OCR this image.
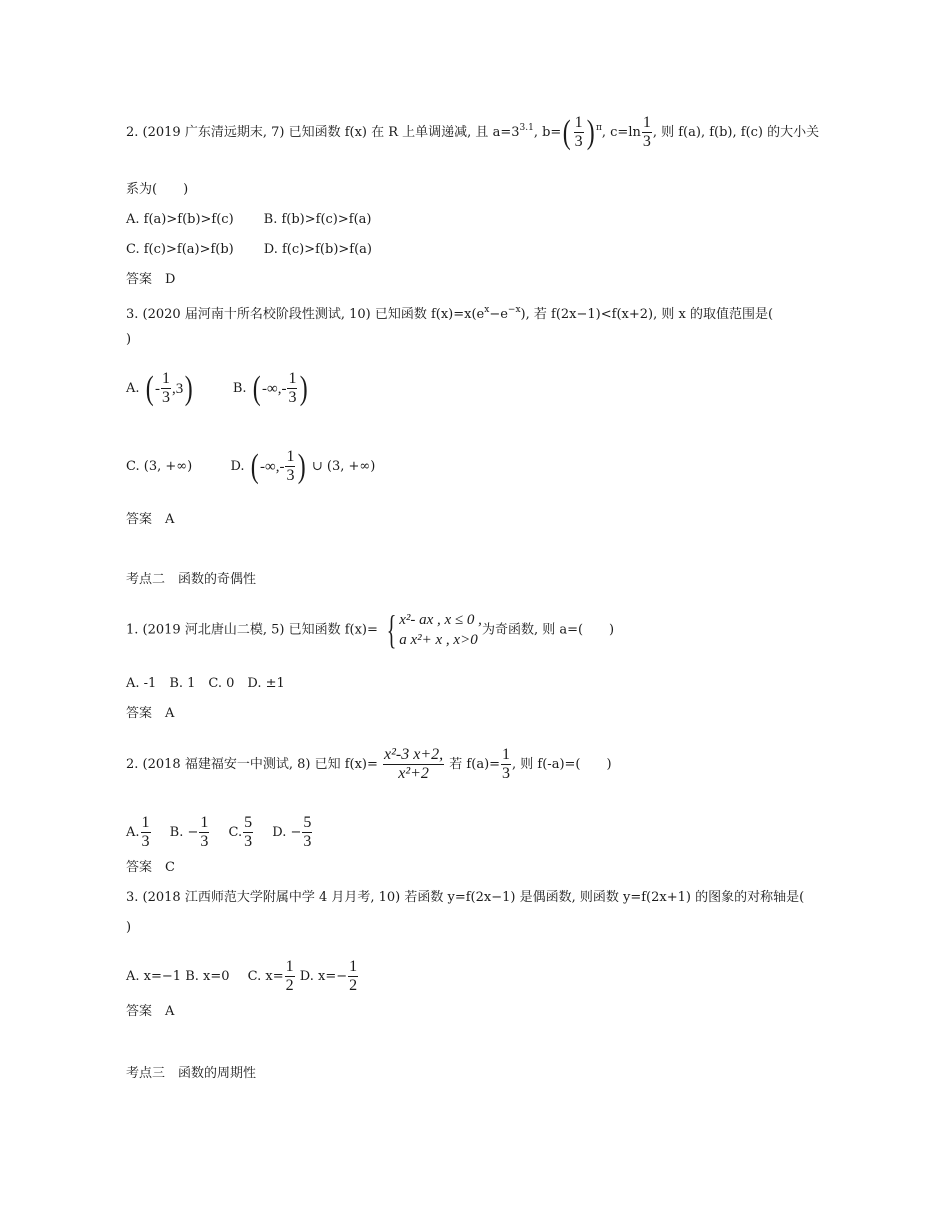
2. (2019 广东清远期末, 7) 已知函数 f(x) 在 R 上单调递减, 且 $a=3^{3.1}$, b= ( 1
3 ) $^\pi$, $c=\ln \frac{1}{3}$ , 则 f(a), f(b), f(c) 的大小关
系为(　　)
A. f(a)>f(b)>f(c) B. f(b)>f(c)>f(a)
C. f(c)>f(a)>f(b) D. f(c)>f(b)>f(a)
答案　D
3. (2020 届河南十所名校阶段性测试, 10) 已知函数 $f(x)=x(e^x-e^{-x})$, 若 f(2x−1)<f(x+2), 则 x 的取值范围是(
)
A. ( -
1
3
,3 )	B. ( -∞,-
1
3 )
C. (3, +∞)	D. ( -∞,-
1
3 ) ∪ (3, +∞)
答案　A
考点二　函数的奇偶性
1. (2019 河北唐山二模, 5) 已知函数 f(x)= { x²- ax , x ≤ 0 ,
a x²+ x , x>0
为奇函数, 则 a=(　　)
A. -1　B. 1　C. 0　D. ±1
答案　A
2. (2018 福建福安一中测试, 8) 已知 $f(x)= \frac{\text{x²-3 x+2,}}{\text{x²+2}}$ 若 $f(a)= \frac{1}{3}$ , 则 f(-a)=(　　)
A. $\frac{1}{3} B$. − $\frac{1}{3} C$. $\frac{5}{3} D$. − $\frac{5}{3}$
答案　C
3. (2018 江西师范大学附属中学 4 月月考, 10) 若函数 y=f(2x−1) 是偶函数, 则函数 y=f(2x+1) 的图象的对称轴是(
)
A. x=−1 B. x=0 C. $x= \frac{1}{2} D$. $x=- \frac{1}{2}$
答案　A
考点三　函数的周期性
